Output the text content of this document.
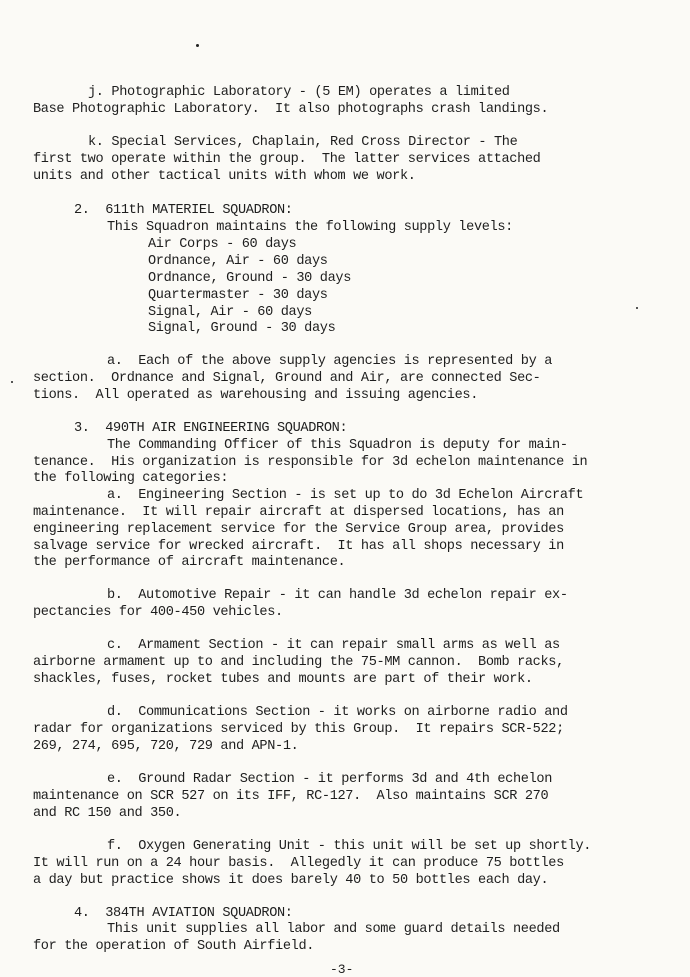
j. Photographic Laboratory - (5 EM) operates a limited
Base Photographic Laboratory.  It also photographs crash landings.
k. Special Services, Chaplain, Red Cross Director - The
first two operate within the group.  The latter services attached
units and other tactical units with whom we work.
2.  611th MATERIEL SQUADRON:
This Squadron maintains the following supply levels:
Air Corps - 60 days
Ordnance, Air - 60 days
Ordnance, Ground - 30 days
Quartermaster - 30 days
Signal, Air - 60 days
Signal, Ground - 30 days
a.  Each of the above supply agencies is represented by a
section.  Ordnance and Signal, Ground and Air, are connected Sec-
tions.  All operated as warehousing and issuing agencies.
3.  490TH AIR ENGINEERING SQUADRON:
The Commanding Officer of this Squadron is deputy for main-
tenance.  His organization is responsible for 3d echelon maintenance in
the following categories:
a.  Engineering Section - is set up to do 3d Echelon Aircraft
maintenance.  It will repair aircraft at dispersed locations, has an
engineering replacement service for the Service Group area, provides
salvage service for wrecked aircraft.  It has all shops necessary in
the performance of aircraft maintenance.
b.  Automotive Repair - it can handle 3d echelon repair ex-
pectancies for 400-450 vehicles.
c.  Armament Section - it can repair small arms as well as
airborne armament up to and including the 75-MM cannon.  Bomb racks,
shackles, fuses, rocket tubes and mounts are part of their work.
d.  Communications Section - it works on airborne radio and
radar for organizations serviced by this Group.  It repairs SCR-522;
269, 274, 695, 720, 729 and APN-1.
e.  Ground Radar Section - it performs 3d and 4th echelon
maintenance on SCR 527 on its IFF, RC-127.  Also maintains SCR 270
and RC 150 and 350.
f.  Oxygen Generating Unit - this unit will be set up shortly.
It will run on a 24 hour basis.  Allegedly it can produce 75 bottles
a day but practice shows it does barely 40 to 50 bottles each day.
4.  384TH AVIATION SQUADRON:
This unit supplies all labor and some guard details needed
for the operation of South Airfield.
-3-
